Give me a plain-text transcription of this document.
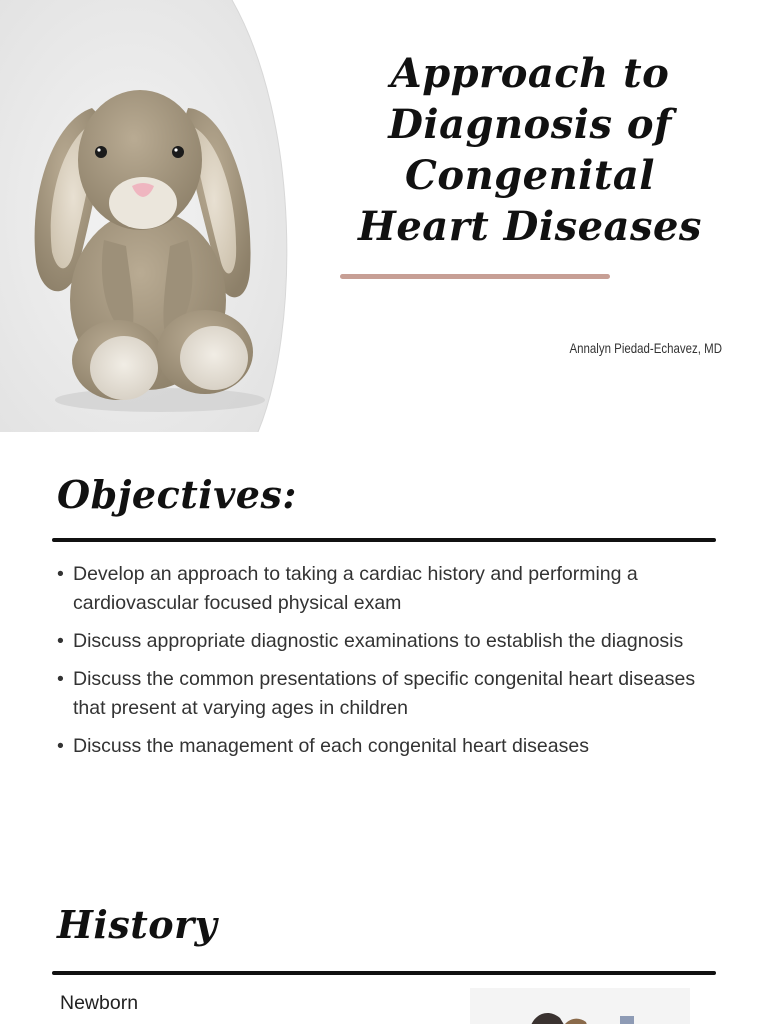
Approach to
Diagnosis of
Congenital
Heart Diseases
Annalyn Piedad-Echavez, MD
Objectives:
• Develop an approach to taking a cardiac history and performing a cardiovascular focused physical exam
• Discuss appropriate diagnostic examinations to establish the diagnosis
• Discuss the common presentations of specific congenital heart diseases that present at varying ages in children
• Discuss the management of each congenital heart diseases
History
Newborn
